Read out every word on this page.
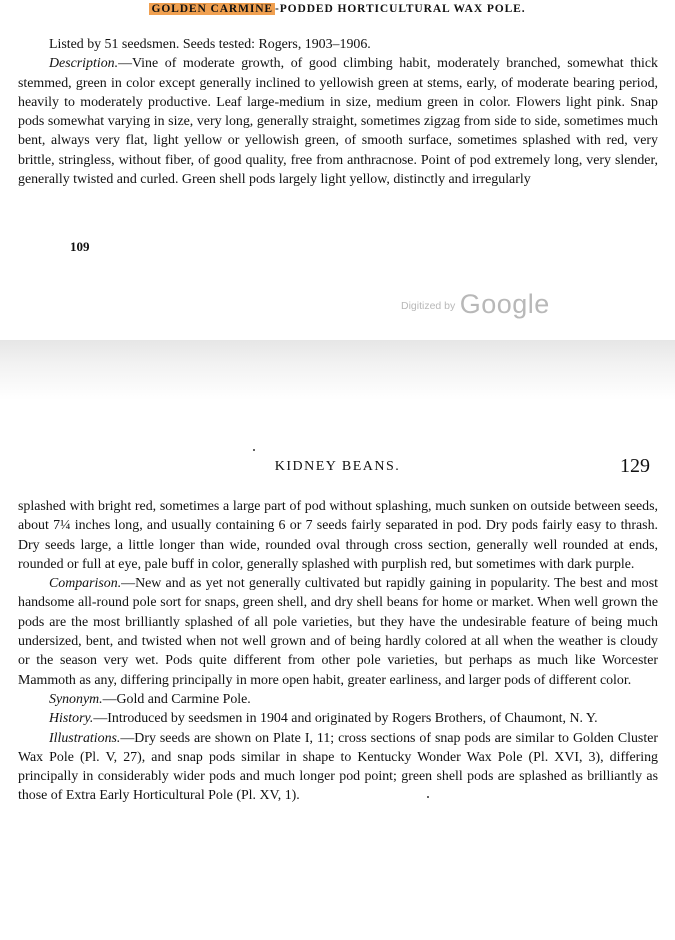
GOLDEN CARMINE -PODDED HORTICULTURAL WAX POLE.

Listed by 51 seedsmen. Seeds tested: Rogers, 1903–1906.

Description.—Vine of moderate growth, of good climbing habit, moderately branched, somewhat thick stemmed, green in color except generally inclined to yellowish green at stems, early, of moderate bearing period, heavily to moderately productive. Leaf large-medium in size, medium green in color. Flowers light pink. Snap pods somewhat varying in size, very long, generally straight, sometimes zigzag from side to side, sometimes much bent, always very flat, light yellow or yellowish green, of smooth surface, sometimes splashed with red, very brittle, stringless, without fiber, of good quality, free from anthracnose. Point of pod extremely long, very slender, generally twisted and curled. Green shell pods largely light yellow, distinctly and irregularly

109
Digitized by Google
KIDNEY BEANS.	129

splashed with bright red, sometimes a large part of pod without splashing, much sunken on outside between seeds, about 7¼ inches long, and usually containing 6 or 7 seeds fairly separated in pod. Dry pods fairly easy to thrash. Dry seeds large, a little longer than wide, rounded oval through cross section, generally well rounded at ends, rounded or full at eye, pale buff in color, generally splashed with purplish red, but sometimes with dark purple.

Comparison.—New and as yet not generally cultivated but rapidly gaining in popularity. The best and most handsome all-round pole sort for snaps, green shell, and dry shell beans for home or market. When well grown the pods are the most brilliantly splashed of all pole varieties, but they have the undesirable feature of being much undersized, bent, and twisted when not well grown and of being hardly colored at all when the weather is cloudy or the season very wet. Pods quite different from other pole varieties, but perhaps as much like Worcester Mammoth as any, differing principally in more open habit, greater earliness, and larger pods of different color.

Synonym.—Gold and Carmine Pole.

History.—Introduced by seedsmen in 1904 and originated by Rogers Brothers, of Chaumont, N. Y.

Illustrations.—Dry seeds are shown on Plate I, 11; cross sections of snap pods are similar to Golden Cluster Wax Pole (Pl. V, 27), and snap pods similar in shape to Kentucky Wonder Wax Pole (Pl. XVI, 3), differing principally in considerably wider pods and much longer pod point; green shell pods are splashed as brilliantly as those of Extra Early Horticultural Pole (Pl. XV, 1).
